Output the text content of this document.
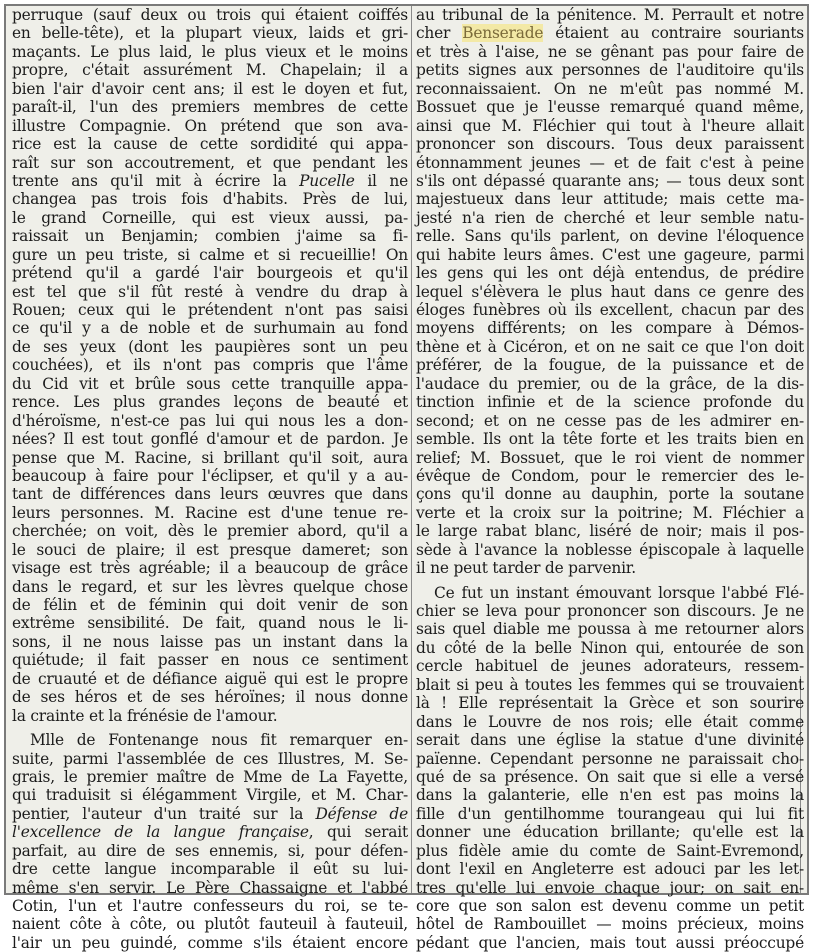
perruque (sauf deux ou trois qui étaient coiffés
en belle-tête), et la plupart vieux, laids et gri-
maçants. Le plus laid, le plus vieux et le moins
propre, c'était assurément M. Chapelain; il a
bien l'air d'avoir cent ans; il est le doyen et fut,
paraît-il, l'un des premiers membres de cette
illustre Compagnie. On prétend que son ava-
rice est la cause de cette sordidité qui appa-
raît sur son accoutrement, et que pendant les
trente ans qu'il mit à écrire la Pucelle il ne
changea pas trois fois d'habits. Près de lui,
le grand Corneille, qui est vieux aussi, pa-
raissait un Benjamin; combien j'aime sa fi-
gure un peu triste, si calme et si recueillie! On
prétend qu'il a gardé l'air bourgeois et qu'il
est tel que s'il fût resté à vendre du drap à
Rouen; ceux qui le prétendent n'ont pas saisi
ce qu'il y a de noble et de surhumain au fond
de ses yeux (dont les paupières sont un peu
couchées), et ils n'ont pas compris que l'âme
du Cid vit et brûle sous cette tranquille appa-
rence. Les plus grandes leçons de beauté et
d'héroïsme, n'est-ce pas lui qui nous les a don-
nées? Il est tout gonflé d'amour et de pardon. Je
pense que M. Racine, si brillant qu'il soit, aura
beaucoup à faire pour l'éclipser, et qu'il y a au-
tant de différences dans leurs œuvres que dans
leurs personnes. M. Racine est d'une tenue re-
cherchée; on voit, dès le premier abord, qu'il a
le souci de plaire; il est presque dameret; son
visage est très agréable; il a beaucoup de grâce
dans le regard, et sur les lèvres quelque chose
de félin et de féminin qui doit venir de son
extrême sensibilité. De fait, quand nous le li-
sons, il ne nous laisse pas un instant dans la
quiétude; il fait passer en nous ce sentiment
de cruauté et de défiance aiguë qui est le propre
de ses héros et de ses héroïnes; il nous donne
la crainte et la frénésie de l'amour.
Mlle de Fontenange nous fit remarquer en-
suite, parmi l'assemblée de ces Illustres, M. Se-
grais, le premier maître de Mme de La Fayette,
qui traduisit si élégamment Virgile, et M. Char-
pentier, l'auteur d'un traité sur la Défense de
l'excellence de la langue française, qui serait
parfait, au dire de ses ennemis, si, pour défen-
dre cette langue incomparable il eût su lui-
même s'en servir. Le Père Chassaigne et l'abbé
Cotin, l'un et l'autre confesseurs du roi, se te-
naient côte à côte, ou plutôt fauteuil à fauteuil,
l'air un peu guindé, comme s'ils étaient encore
au tribunal de la pénitence. M. Perrault et notre
cher Benserade étaient au contraire souriants
et très à l'aise, ne se gênant pas pour faire de
petits signes aux personnes de l'auditoire qu'ils
reconnaissaient. On ne m'eût pas nommé M.
Bossuet que je l'eusse remarqué quand même,
ainsi que M. Fléchier qui tout à l'heure allait
prononcer son discours. Tous deux paraissent
étonnamment jeunes — et de fait c'est à peine
s'ils ont dépassé quarante ans; — tous deux sont
majestueux dans leur attitude; mais cette ma-
jesté n'a rien de cherché et leur semble natu-
relle. Sans qu'ils parlent, on devine l'éloquence
qui habite leurs âmes. C'est une gageure, parmi
les gens qui les ont déjà entendus, de prédire
lequel s'élèvera le plus haut dans ce genre des
éloges funèbres où ils excellent, chacun par des
moyens différents; on les compare à Démos-
thène et à Cicéron, et on ne sait ce que l'on doit
préférer, de la fougue, de la puissance et de
l'audace du premier, ou de la grâce, de la dis-
tinction infinie et de la science profonde du
second; et on ne cesse pas de les admirer en-
semble. Ils ont la tête forte et les traits bien en
relief; M. Bossuet, que le roi vient de nommer
évêque de Condom, pour le remercier des le-
çons qu'il donne au dauphin, porte la soutane
verte et la croix sur la poitrine; M. Fléchier a
le large rabat blanc, liséré de noir; mais il pos-
sède à l'avance la noblesse épiscopale à laquelle
il ne peut tarder de parvenir.
Ce fut un instant émouvant lorsque l'abbé Flé-
chier se leva pour prononcer son discours. Je ne
sais quel diable me poussa à me retourner alors
du côté de la belle Ninon qui, entourée de son
cercle habituel de jeunes adorateurs, ressem-
blait si peu à toutes les femmes qui se trouvaient
là ! Elle représentait la Grèce et son sourire
dans le Louvre de nos rois; elle était comme
serait dans une église la statue d'une divinité
païenne. Cependant personne ne paraissait cho-
qué de sa présence. On sait que si elle a versé
dans la galanterie, elle n'en est pas moins la
fille d'un gentilhomme tourangeau qui lui fit
donner une éducation brillante; qu'elle est la
plus fidèle amie du comte de Saint-Evremond,
dont l'exil en Angleterre est adouci par les let-
tres qu'elle lui envoie chaque jour; on sait en-
core que son salon est devenu comme un petit
hôtel de Rambouillet — moins précieux, moins
pédant que l'ancien, mais tout aussi préoccupé
